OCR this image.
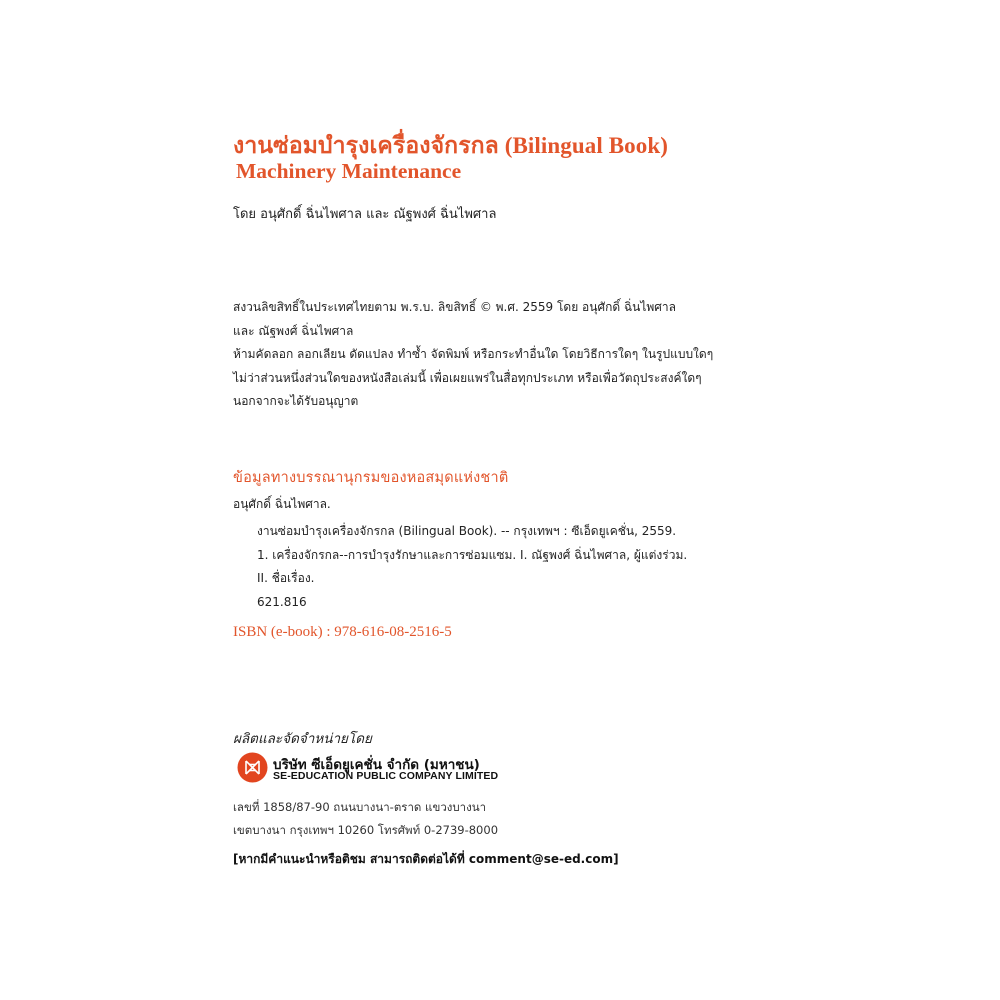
งานซ่อมบำรุงเครื่องจักรกล (Bilingual Book)
Machinery Maintenance
โดย อนุศักดิ์ ฉิ่นไพศาล และ ณัฐพงศ์ ฉิ่นไพศาล
สงวนลิขสิทธิ์ในประเทศไทยตาม พ.ร.บ. ลิขสิทธิ์ © พ.ศ. 2559 โดย อนุศักดิ์ ฉิ่นไพศาล
และ ณัฐพงศ์ ฉิ่นไพศาล
ห้ามคัดลอก ลอกเลียน ดัดแปลง ทำซ้ำ จัดพิมพ์ หรือกระทำอื่นใด โดยวิธีการใดๆ ในรูปแบบใดๆ
ไม่ว่าส่วนหนึ่งส่วนใดของหนังสือเล่มนี้ เพื่อเผยแพร่ในสื่อทุกประเภท หรือเพื่อวัตถุประสงค์ใดๆ
นอกจากจะได้รับอนุญาต
ข้อมูลทางบรรณานุกรมของหอสมุดแห่งชาติ
อนุศักดิ์ ฉิ่นไพศาล.
งานซ่อมบำรุงเครื่องจักรกล (Bilingual Book). -- กรุงเทพฯ : ซีเอ็ดยูเคชั่น, 2559.
1. เครื่องจักรกล--การบำรุงรักษาและการซ่อมแซม. I. ณัฐพงศ์ ฉิ่นไพศาล, ผู้แต่งร่วม.
II. ชื่อเรื่อง.
621.816
ISBN (e-book) : 978-616-08-2516-5
ผลิตและจัดจำหน่ายโดย
บริษัท ซีเอ็ดยูเคชั่น จำกัด (มหาชน)
SE-EDUCATION PUBLIC COMPANY LIMITED
เลขที่ 1858/87-90 ถนนบางนา-ตราด แขวงบางนา
เขตบางนา กรุงเทพฯ 10260 โทรศัพท์ 0-2739-8000
[หากมีคำแนะนำหรือติชม สามารถติดต่อได้ที่ comment@se-ed.com]
